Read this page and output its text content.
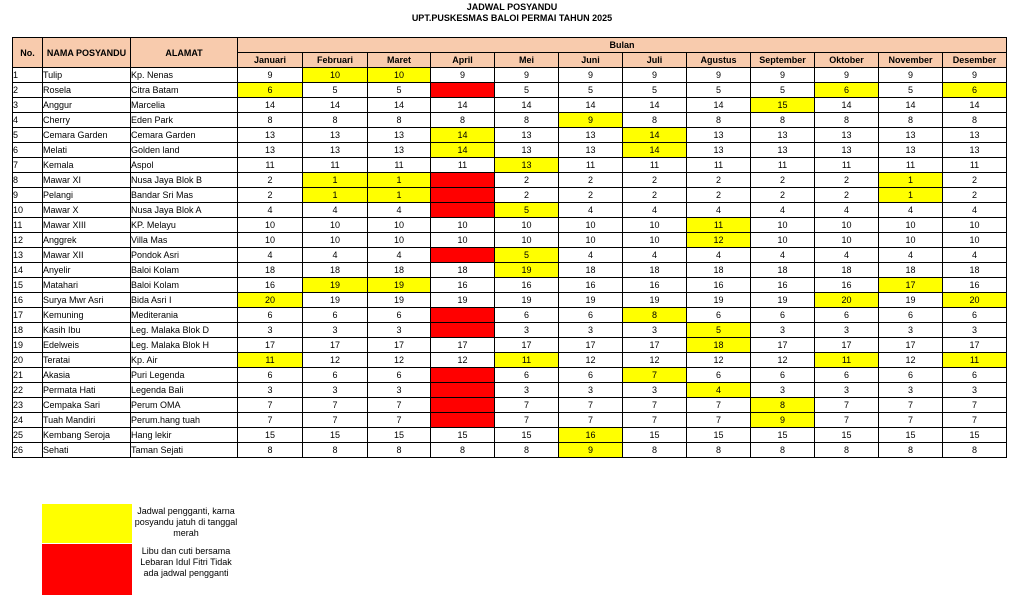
JADWAL POSYANDU
UPT.PUSKESMAS BALOI PERMAI TAHUN 2025
No.	NAMA POSYANDU	ALAMAT	Bulan											
			Januari	Februari	Maret	April	Mei	Juni	Juli	Agustus	September	Oktober	November	Desember
1	Tulip	Kp. Nenas	9	10	10	9	9	9	9	9	9	9	9	9
2	Rosela	Citra Batam	6	5	5		5	5	5	5	5	6	5	6
3	Anggur	Marcelia	14	14	14	14	14	14	14	14	15	14	14	14
4	Cherry	Eden Park	8	8	8	8	8	9	8	8	8	8	8	8
5	Cemara Garden	Cemara Garden	13	13	13	14	13	13	14	13	13	13	13	13
6	Melati	Golden land	13	13	13	14	13	13	14	13	13	13	13	13
7	Kemala	Aspol	11	11	11	11	13	11	11	11	11	11	11	11
8	Mawar XI	Nusa Jaya Blok B	2	1	1		2	2	2	2	2	2	1	2
9	Pelangi	Bandar Sri Mas	2	1	1		2	2	2	2	2	2	1	2
10	Mawar X	Nusa Jaya Blok A	4	4	4		5	4	4	4	4	4	4	4
11	Mawar XIII	KP. Melayu	10	10	10	10	10	10	10	11	10	10	10	10
12	Anggrek	Villa Mas	10	10	10	10	10	10	10	12	10	10	10	10
13	Mawar XII	Pondok Asri	4	4	4		5	4	4	4	4	4	4	4
14	Anyelir	Baloi Kolam	18	18	18	18	19	18	18	18	18	18	18	18
15	Matahari	Baloi Kolam	16	19	19	16	16	16	16	16	16	16	17	16
16	Surya Mwr Asri	Bida Asri I	20	19	19	19	19	19	19	19	19	20	19	20
17	Kemuning	Mediterania	6	6	6		6	6	8	6	6	6	6	6
18	Kasih Ibu	Leg. Malaka Blok D	3	3	3		3	3	3	5	3	3	3	3
19	Edelweis	Leg. Malaka Blok H	17	17	17	17	17	17	17	18	17	17	17	17
20	Teratai	Kp. Air	11	12	12	12	11	12	12	12	12	11	12	11
21	Akasia	Puri Legenda	6	6	6		6	6	7	6	6	6	6	6
22	Permata Hati	Legenda Bali	3	3	3		3	3	3	4	3	3	3	3
23	Cempaka Sari	Perum OMA	7	7	7		7	7	7	7	8	7	7	7
24	Tuah Mandiri	Perum.hang tuah	7	7	7		7	7	7	7	9	7	7	7
25	Kembang Seroja	Hang lekir	15	15	15	15	15	16	15	15	15	15	15	15
26	Sehati	Taman Sejati	8	8	8	8	8	9	8	8	8	8	8	8
Jadwal pengganti, karna posyandu jatuh di tanggal merah
Libu dan cuti bersama Lebaran Idul Fitri Tidak ada jadwal pengganti
